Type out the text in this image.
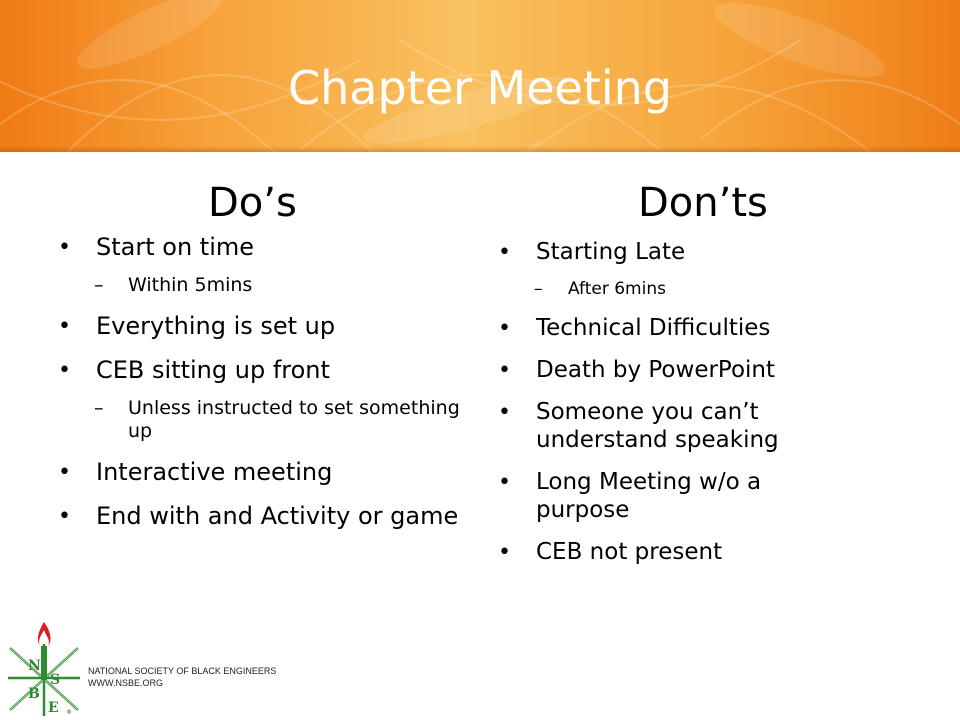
Chapter Meeting
Do’s	Don’ts
• Start on time
– Within 5mins
• Everything is set up
• CEB sitting up front
– Unless instructed to set something up
• Interactive meeting
• End with and Activity or game
• Starting Late
– After 6mins
• Technical Difficulties
• Death by PowerPoint
• Someone you can’t understand speaking
• Long Meeting w/o a purpose
• CEB not present
N
S
B
E ®
NATIONAL SOCIETY OF BLACK ENGINEERS
WWW.NSBE.ORG
